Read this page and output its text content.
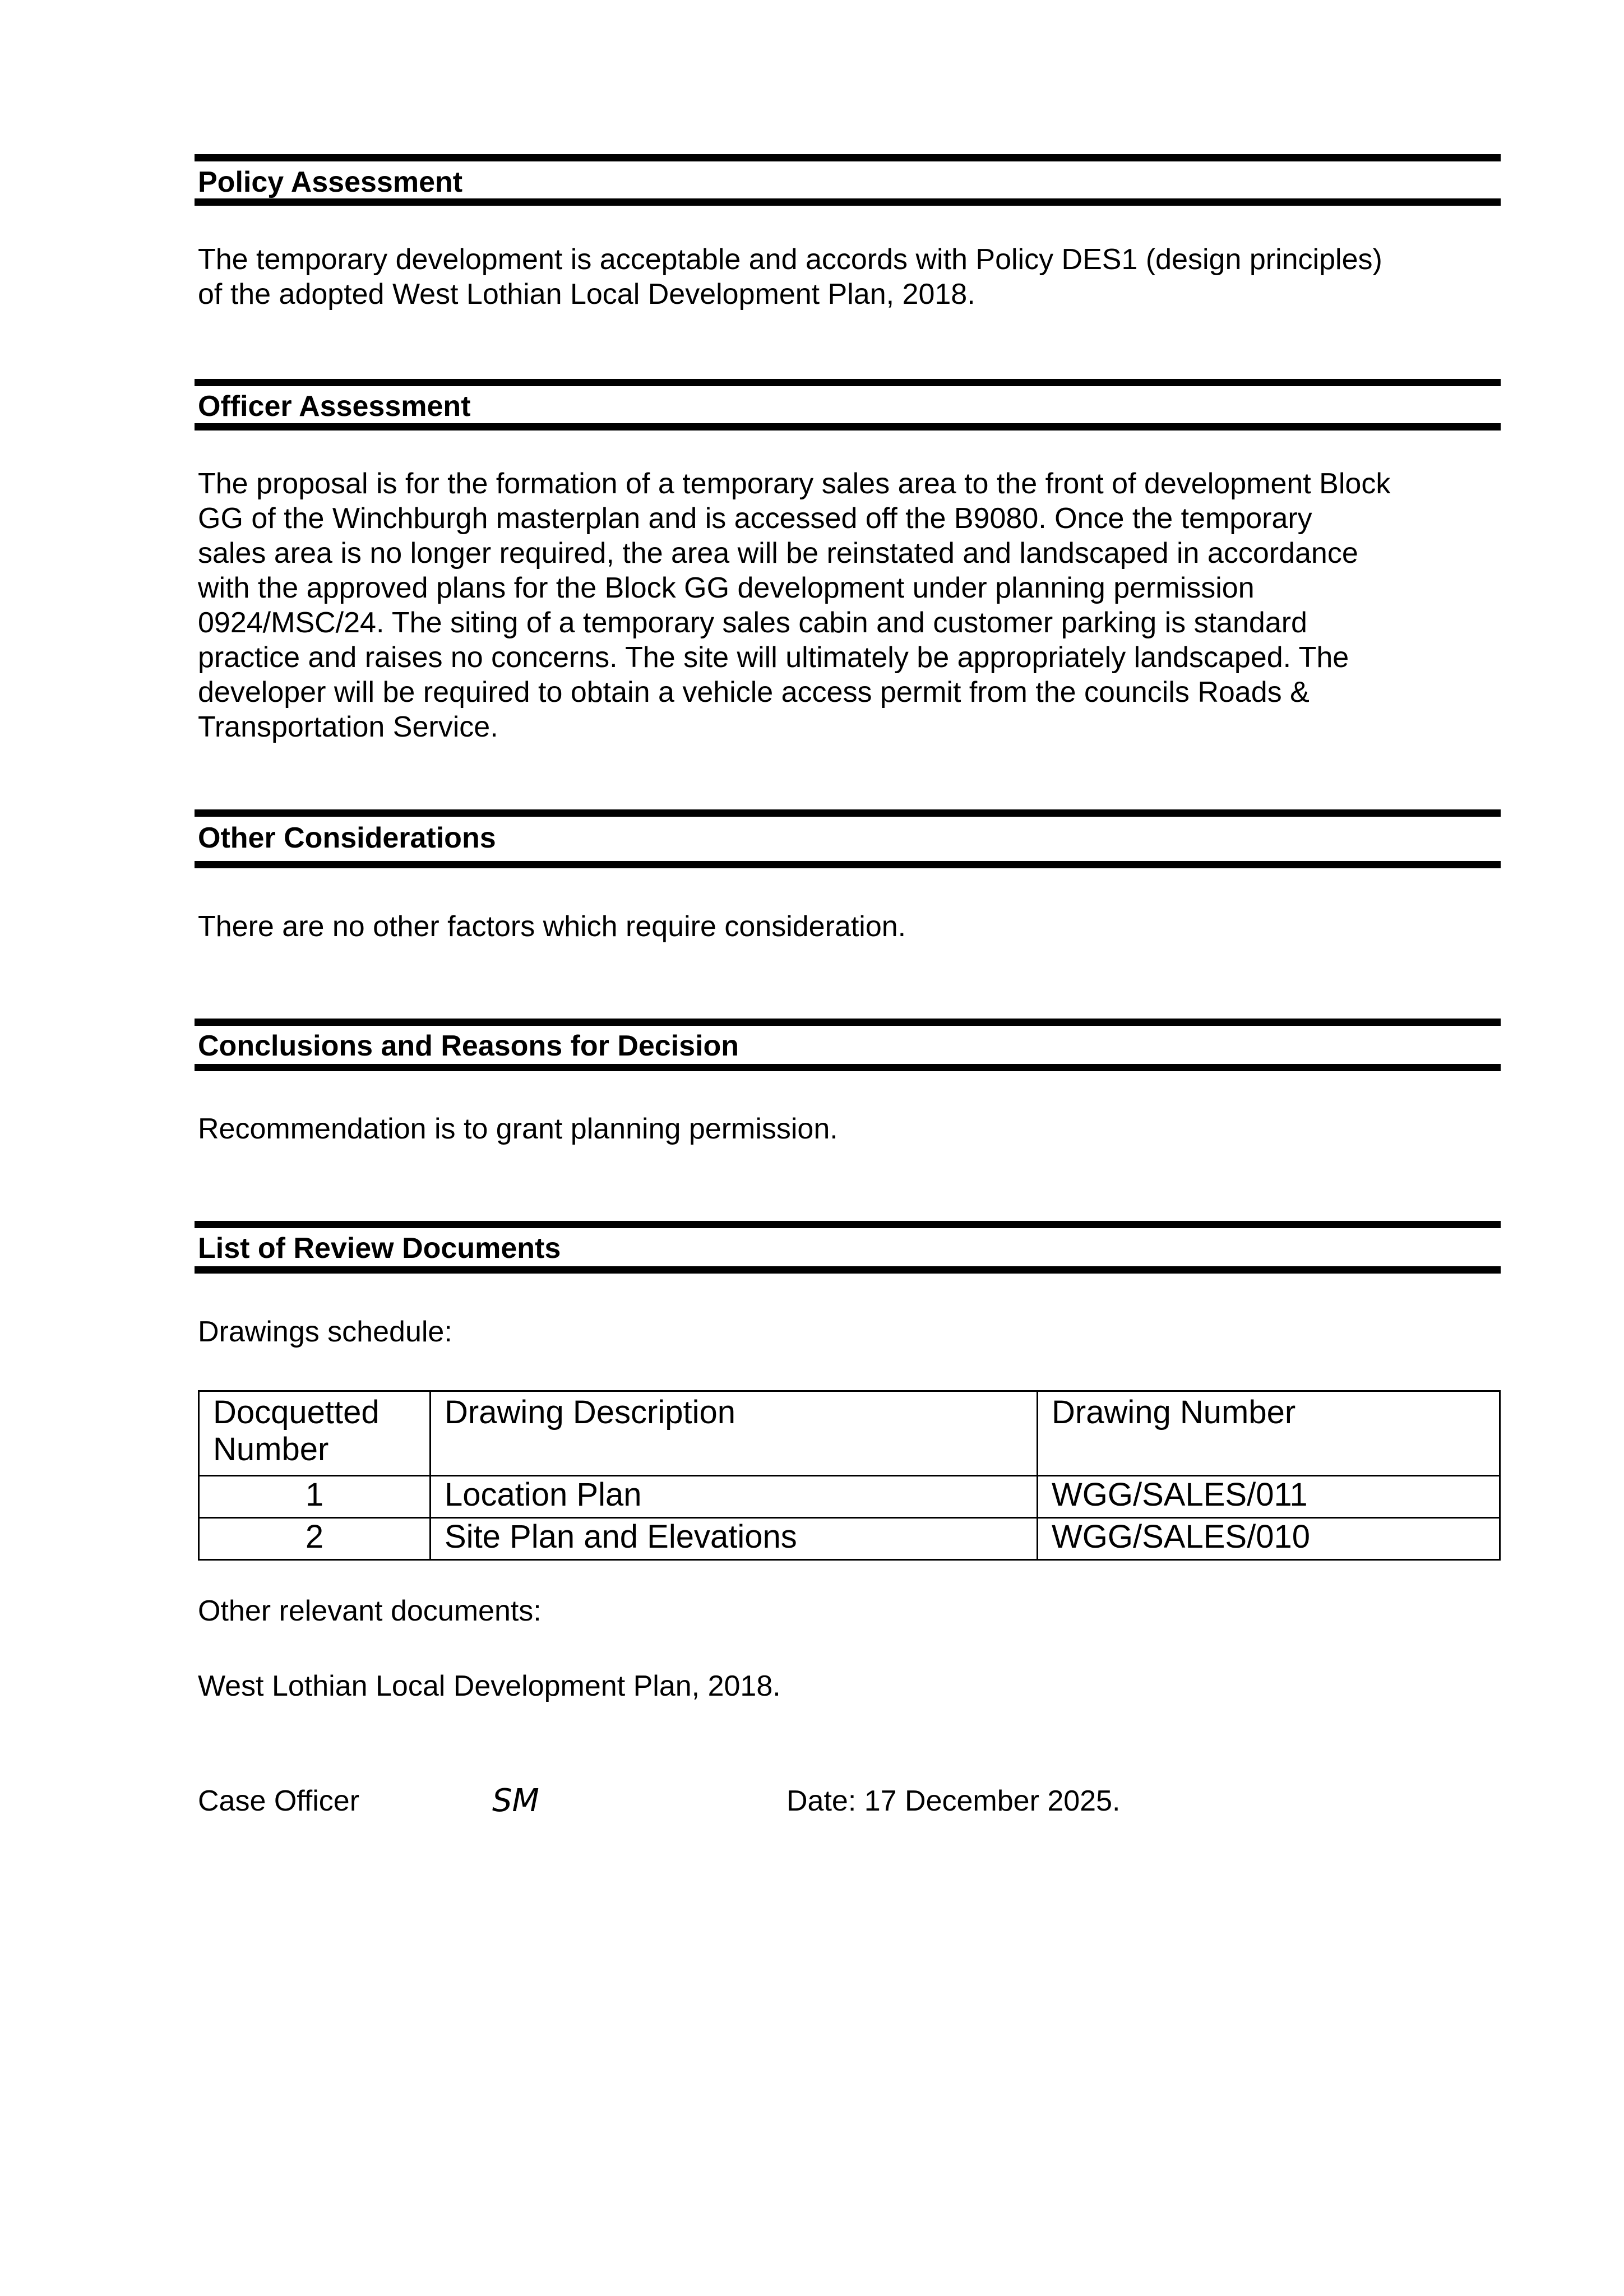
Policy Assessment
The temporary development is acceptable and accords with Policy DES1 (design principles)
of the adopted West Lothian Local Development Plan, 2018.
Officer Assessment
The proposal is for the formation of a temporary sales area to the front of development Block
GG of the Winchburgh masterplan and is accessed off the B9080. Once the temporary
sales area is no longer required, the area will be reinstated and landscaped in accordance
with the approved plans for the Block GG development under planning permission
0924/MSC/24. The siting of a temporary sales cabin and customer parking is standard
practice and raises no concerns. The site will ultimately be appropriately landscaped. The
developer will be required to obtain a vehicle access permit from the councils Roads &
Transportation Service.
Other Considerations
There are no other factors which require consideration.
Conclusions and Reasons for Decision
Recommendation is to grant planning permission.
List of Review Documents
Drawings schedule:
Docquetted Number	Drawing Description	Drawing Number
1	Location Plan	WGG/SALES/011
2	Site Plan and Elevations	WGG/SALES/010
Other relevant documents:
West Lothian Local Development Plan, 2018.
Case Officer	SM	Date: 17 December 2025.
